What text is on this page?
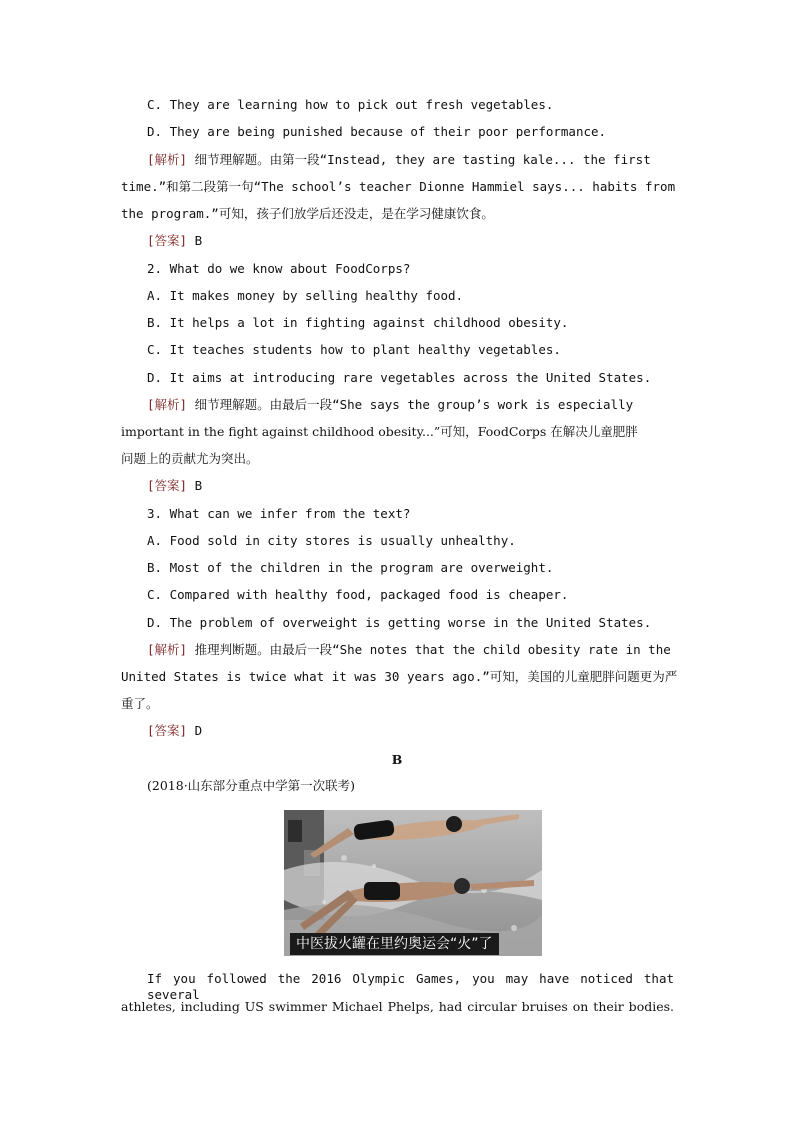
C. They are learning how to pick out fresh vegetables.
D. They are being punished because of their poor performance.
[解析] 细节理解题。由第一段“Instead, they are tasting kale... the first
time.”和第二段第一句“The school’s teacher Dionne Hammiel says... habits from
the program.”可知，孩子们放学后还没走，是在学习健康饮食。
[答案] B
2. What do we know about FoodCorps?
A. It makes money by selling healthy food.
B. It helps a lot in fighting against childhood obesity.
C. It teaches students how to plant healthy vegetables.
D. It aims at introducing rare vegetables across the United States.
[解析] 细节理解题。由最后一段“She says the group’s work is especially
important in the fight against childhood obesity...”可知，FoodCorps 在解决儿童肥胖
问题上的贡献尤为突出。
[答案] B
3. What can we infer from the text?
A. Food sold in city stores is usually unhealthy.
B. Most of the children in the program are overweight.
C. Compared with healthy food, packaged food is cheaper.
D. The problem of overweight is getting worse in the United States.
[解析] 推理判断题。由最后一段“She notes that the child obesity rate in the
United States is twice what it was 30 years ago.”可知，美国的儿童肥胖问题更为严
重了。
[答案] D
B
(2018·山东部分重点中学第一次联考)
中医拔火罐在里约奥运会“火”了
If you followed the 2016 Olympic Games, you may have noticed that several
athletes, including US swimmer Michael Phelps, had circular bruises on their bodies.
